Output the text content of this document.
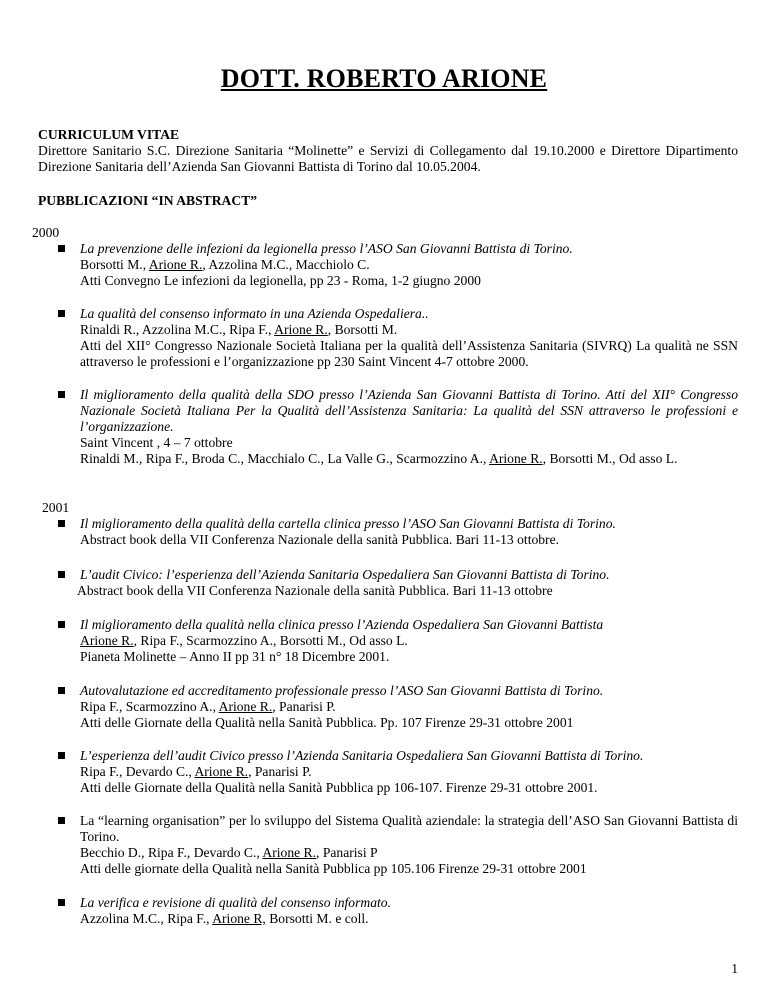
DOTT. ROBERTO ARIONE
CURRICULUM VITAE
Direttore Sanitario S.C. Direzione Sanitaria “Molinette” e Servizi di Collegamento dal 19.10.2000 e Direttore Dipartimento Direzione Sanitaria dell’Azienda San Giovanni Battista di Torino dal 10.05.2004.
PUBBLICAZIONI “IN ABSTRACT”
2000
La prevenzione delle infezioni da legionella presso l’ASO San Giovanni Battista di Torino.
Borsotti M., Arione R., Azzolina M.C., Macchiolo C.
Atti Convegno Le infezioni da legionella, pp 23 - Roma, 1-2 giugno 2000
La qualità del consenso informato in una Azienda Ospedaliera..
Rinaldi R., Azzolina M.C., Ripa F., Arione R., Borsotti M.
Atti del XII° Congresso Nazionale Società Italiana per la qualità dell’Assistenza Sanitaria (SIVRQ) La qualità ne SSN attraverso le professioni e l’organizzazione pp 230 Saint Vincent 4-7 ottobre 2000.
Il miglioramento della qualità della SDO presso l’Azienda San Giovanni Battista di Torino. Atti del XII° Congresso Nazionale Società Italiana Per la Qualità dell’Assistenza Sanitaria: La qualità del SSN attraverso le professioni e l’organizzazione.
Saint Vincent , 4 – 7 ottobre
Rinaldi M., Ripa F., Broda C., Macchialo C., La Valle G., Scarmozzino A., Arione R., Borsotti M., Od asso L.
2001
Il miglioramento della qualità della cartella clinica presso l’ASO San Giovanni Battista di Torino.
Abstract book della VII Conferenza Nazionale della sanità Pubblica. Bari 11-13 ottobre.
L’audit Civico: l’esperienza dell’Azienda Sanitaria Ospedaliera San Giovanni Battista di Torino.
Abstract book della VII Conferenza Nazionale della sanità Pubblica. Bari 11-13 ottobre
Il miglioramento della qualità nella clinica presso l’Azienda Ospedaliera San Giovanni Battista
Arione R., Ripa F., Scarmozzino A., Borsotti M., Od asso L.
Pianeta Molinette – Anno II pp 31 n° 18 Dicembre 2001.
Autovalutazione ed accreditamento professionale presso l’ASO San Giovanni Battista di Torino.
Ripa F., Scarmozzino A., Arione R., Panarisi P.
Atti delle Giornate della Qualità nella Sanità Pubblica. Pp. 107 Firenze 29-31 ottobre 2001
L’esperienza dell’audit Civico presso l’Azienda Sanitaria Ospedaliera San Giovanni Battista di Torino.
Ripa F., Devardo C., Arione R., Panarisi P.
Atti delle Giornate della Qualità nella Sanità Pubblica pp 106-107. Firenze 29-31 ottobre 2001.
La “learning organisation” per lo sviluppo del Sistema Qualità aziendale: la strategia dell’ASO San Giovanni Battista di Torino.
Becchio D., Ripa F., Devardo C., Arione R., Panarisi P
Atti delle giornate della Qualità nella Sanità Pubblica pp 105.106 Firenze 29-31 ottobre 2001
La verifica e revisione di qualità del consenso informato.
Azzolina M.C., Ripa F., Arione R, Borsotti M. e coll.
1
